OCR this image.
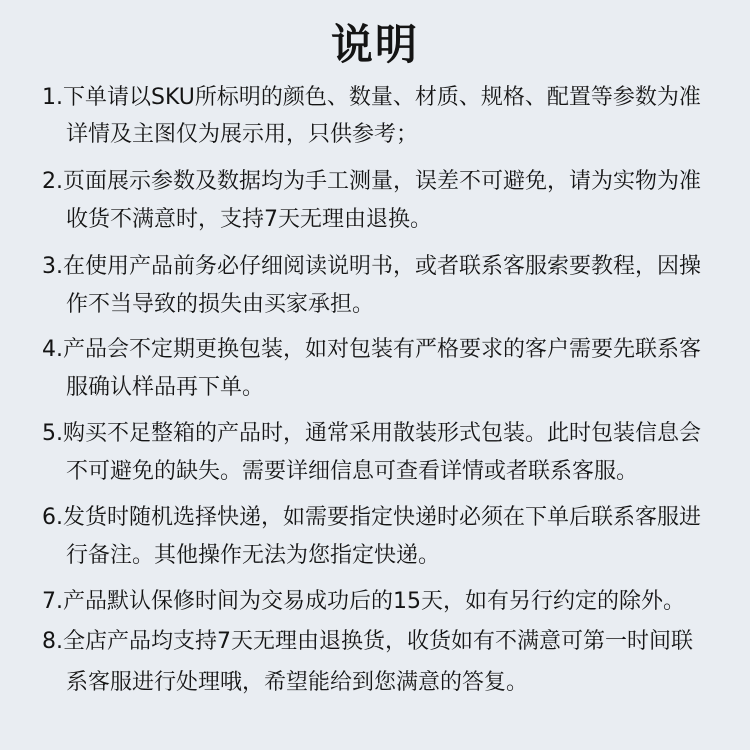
说明
1.下单请以SKU所标明的颜色、数量、材质、规格、配置等参数为准
详情及主图仅为展示用，只供参考；
2.页面展示参数及数据均为手工测量，误差不可避免，请为实物为准
收货不满意时，支持7天无理由退换。
3.在使用产品前务必仔细阅读说明书，或者联系客服索要教程，因操
作不当导致的损失由买家承担。
4.产品会不定期更换包装，如对包装有严格要求的客户需要先联系客
服确认样品再下单。
5.购买不足整箱的产品时，通常采用散装形式包装。此时包装信息会
不可避免的缺失。需要详细信息可查看详情或者联系客服。
6.发货时随机选择快递，如需要指定快递时必须在下单后联系客服进
行备注。其他操作无法为您指定快递。
7.产品默认保修时间为交易成功后的15天，如有另行约定的除外。
8.全店产品均支持7天无理由退换货，收货如有不满意可第一时间联
系客服进行处理哦，希望能给到您满意的答复。
